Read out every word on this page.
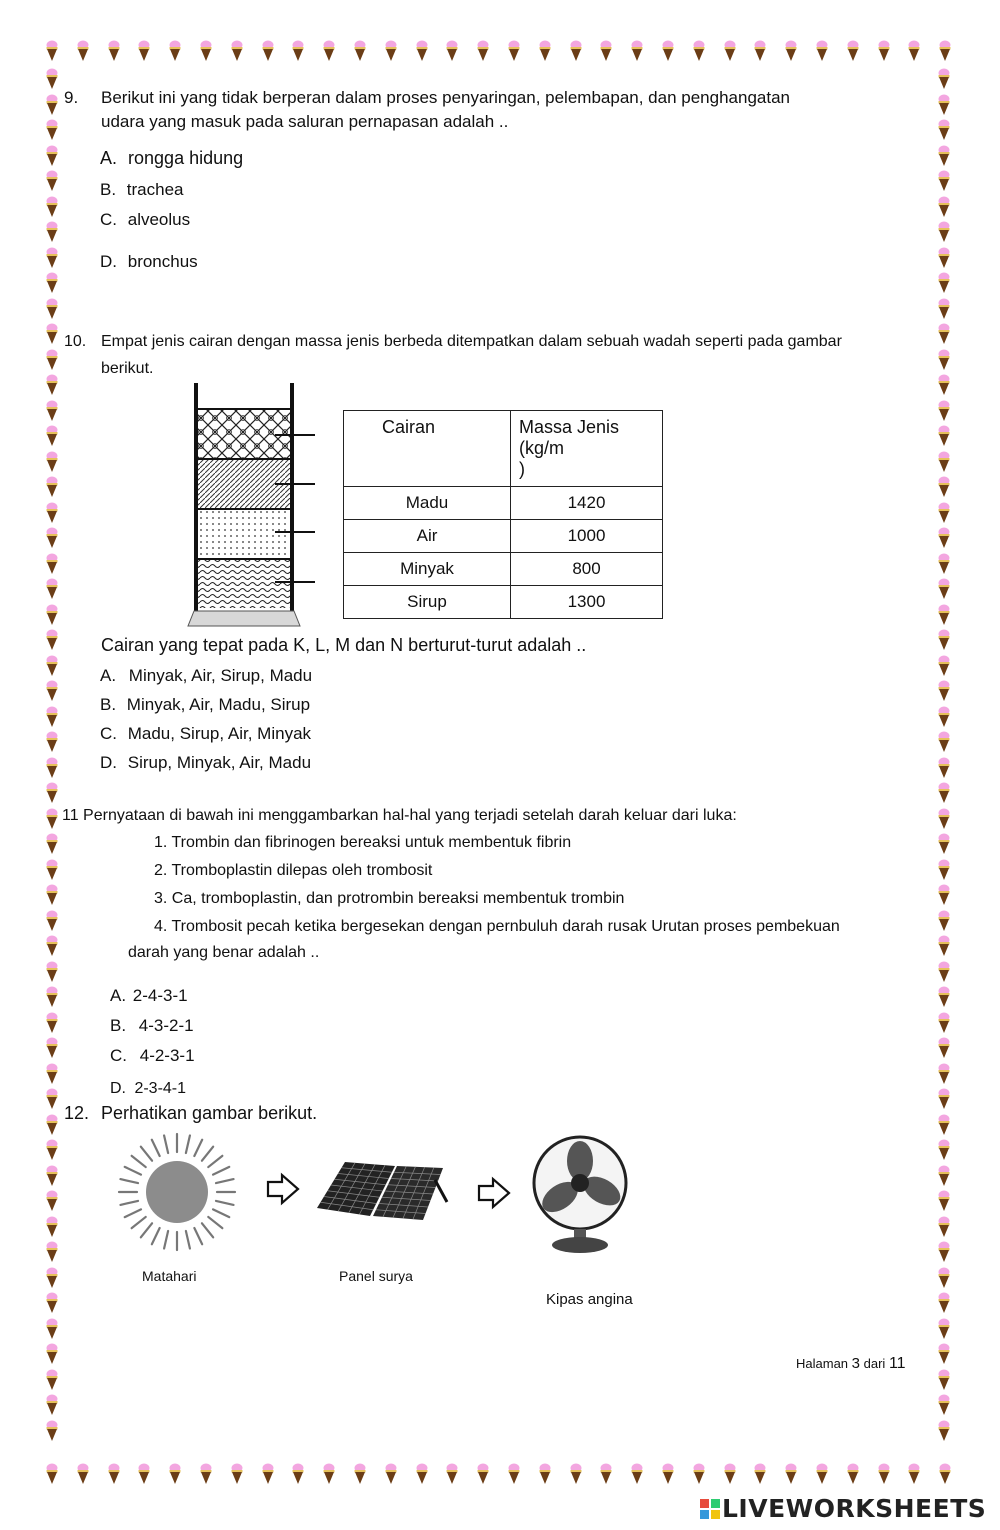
9. Berikut ini yang tidak berperan dalam proses penyaringan, pelembapan, dan penghangatan
udara yang masuk pada saluran pernapasan adalah ..
A. rongga hidung
B. trachea
C. alveolus
D. bronchus
10. Empat jenis cairan dengan massa jenis berbeda ditempatkan dalam sebuah wadah seperti pada gambar
berikut.
Cairan	Massa Jenis (kg/m
)
Madu	1420
Air	1000
Minyak	800
Sirup	1300
Cairan yang tepat pada K, L, M dan N berturut-turut adalah ..
A. Minyak, Air, Sirup, Madu
B. Minyak, Air, Madu, Sirup
C. Madu, Sirup, Air, Minyak
D. Sirup, Minyak, Air, Madu
11 Pernyataan di bawah ini menggambarkan hal-hal yang terjadi setelah darah keluar dari luka:
1. Trombin dan fibrinogen bereaksi untuk membentuk fibrin
2. Tromboplastin dilepas oleh trombosit
3. Ca, tromboplastin, dan protrombin bereaksi membentuk trombin
4. Trombosit pecah ketika bergesekan dengan pernbuluh darah rusak Urutan proses pembekuan
darah yang benar adalah ..
A. 2-4-3-1
B. 4-3-2-1
C. 4-2-3-1
D. 2-3-4-1
12. Perhatikan gambar berikut.
Matahari	Panel surya
Kipas angina
Halaman 3 dari 11
LIVEWORKSHEETS
